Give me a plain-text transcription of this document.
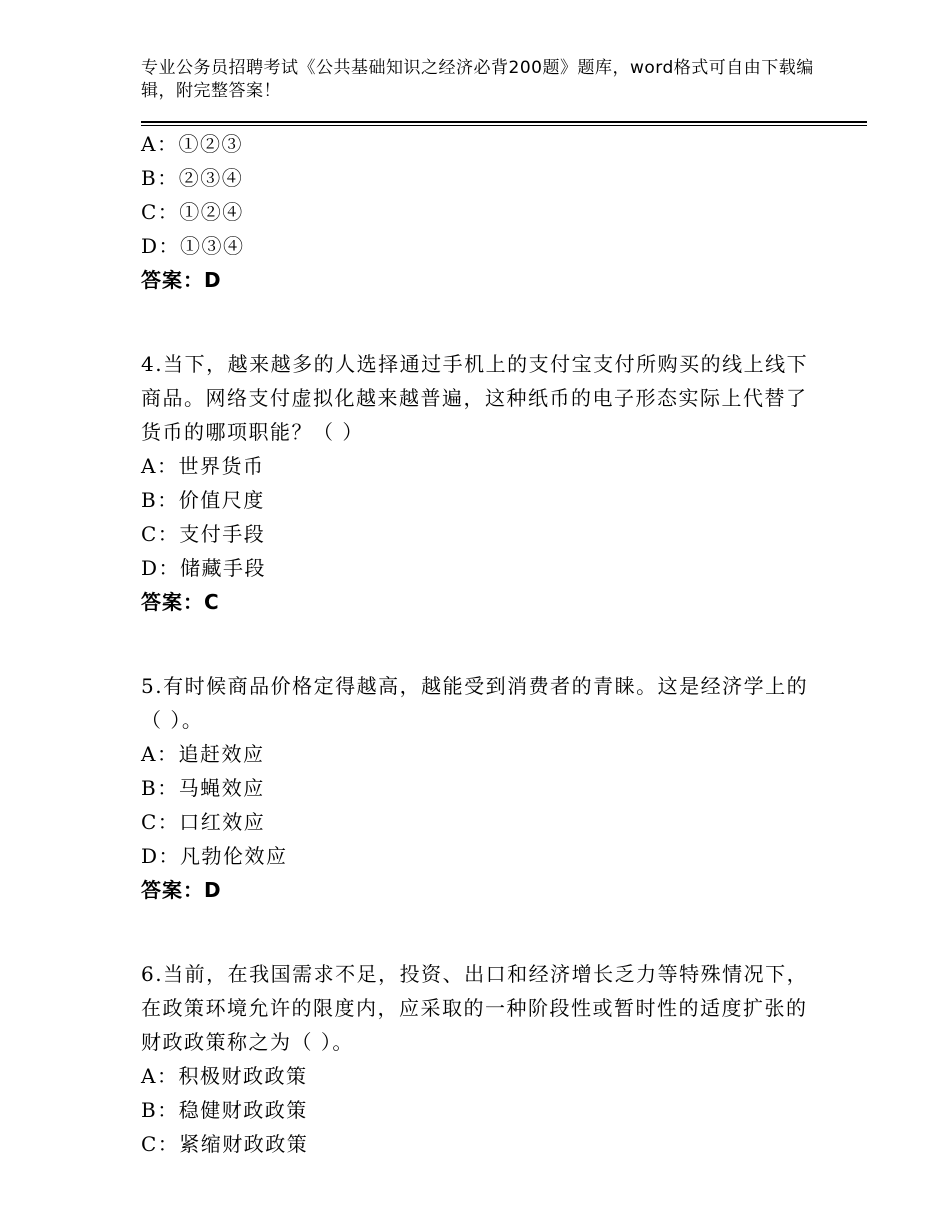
专业公务员招聘考试《公共基础知识之经济必背200题》题库，word格式可自由下载编辑，附完整答案！
A：①②③
B：②③④
C：①②④
D：①③④
答案：D
4.当下，越来越多的人选择通过手机上的支付宝支付所购买的线上线下商品。网络支付虚拟化越来越普遍，这种纸币的电子形态实际上代替了货币的哪项职能？（ ）
A：世界货币
B：价值尺度
C：支付手段
D：储藏手段
答案：C
5.有时候商品价格定得越高，越能受到消费者的青睐。这是经济学上的（ ）。
A：追赶效应
B：马蝇效应
C：口红效应
D：凡勃伦效应
答案：D
6.当前，在我国需求不足，投资、出口和经济增长乏力等特殊情况下，在政策环境允许的限度内，应采取的一种阶段性或暂时性的适度扩张的财政政策称之为（ ）。
A：积极财政政策
B：稳健财政政策
C：紧缩财政政策
